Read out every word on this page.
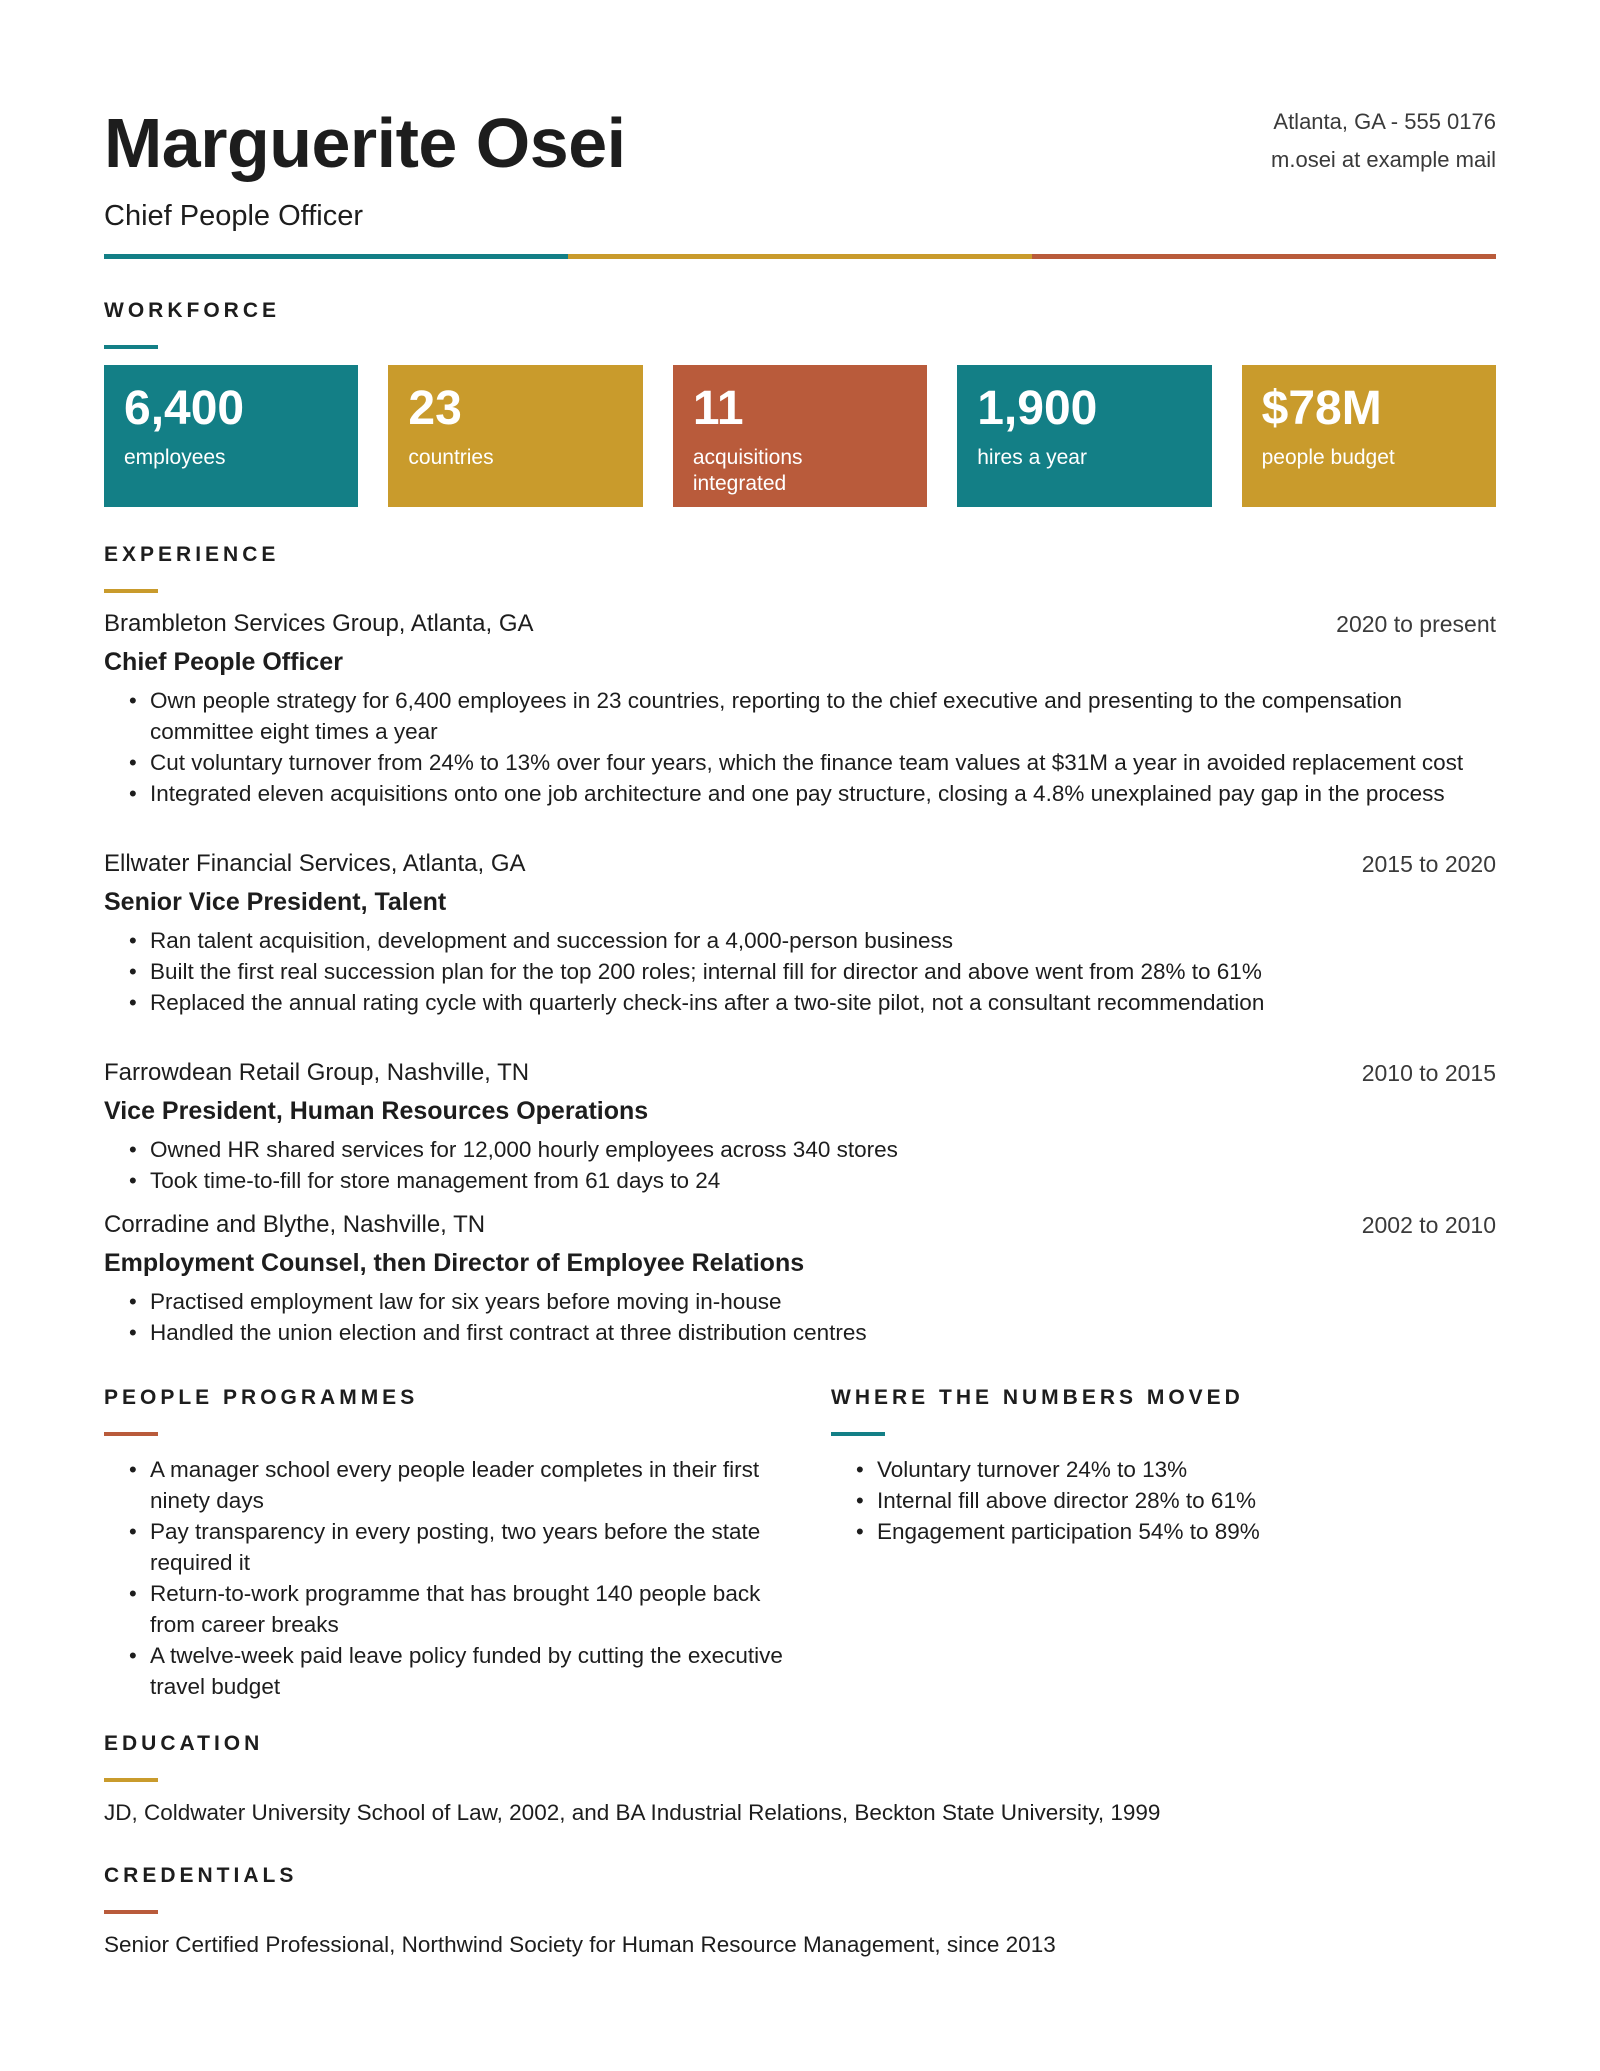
Marguerite Osei
Chief People Officer
Atlanta, GA - 555 0176
m.osei at example mail
WORKFORCE
6,400
employees
23
countries
11
acquisitions integrated
1,900
hires a year
$78M
people budget
EXPERIENCE
Brambleton Services Group, Atlanta, GA	2020 to present
Chief People Officer
• Own people strategy for 6,400 employees in 23 countries, reporting to the chief executive and presenting to the compensation committee eight times a year
• Cut voluntary turnover from 24% to 13% over four years, which the finance team values at $31M a year in avoided replacement cost
• Integrated eleven acquisitions onto one job architecture and one pay structure, closing a 4.8% unexplained pay gap in the process
Ellwater Financial Services, Atlanta, GA	2015 to 2020
Senior Vice President, Talent
• Ran talent acquisition, development and succession for a 4,000-person business
• Built the first real succession plan for the top 200 roles; internal fill for director and above went from 28% to 61%
• Replaced the annual rating cycle with quarterly check-ins after a two-site pilot, not a consultant recommendation
Farrowdean Retail Group, Nashville, TN	2010 to 2015
Vice President, Human Resources Operations
• Owned HR shared services for 12,000 hourly employees across 340 stores
• Took time-to-fill for store management from 61 days to 24
Corradine and Blythe, Nashville, TN	2002 to 2010
Employment Counsel, then Director of Employee Relations
• Practised employment law for six years before moving in-house
• Handled the union election and first contract at three distribution centres
PEOPLE PROGRAMMES
• A manager school every people leader completes in their first ninety days
• Pay transparency in every posting, two years before the state required it
• Return-to-work programme that has brought 140 people back from career breaks
• A twelve-week paid leave policy funded by cutting the executive travel budget
WHERE THE NUMBERS MOVED
• Voluntary turnover 24% to 13%
• Internal fill above director 28% to 61%
• Engagement participation 54% to 89%
EDUCATION
JD, Coldwater University School of Law, 2002, and BA Industrial Relations, Beckton State University, 1999
CREDENTIALS
Senior Certified Professional, Northwind Society for Human Resource Management, since 2013
